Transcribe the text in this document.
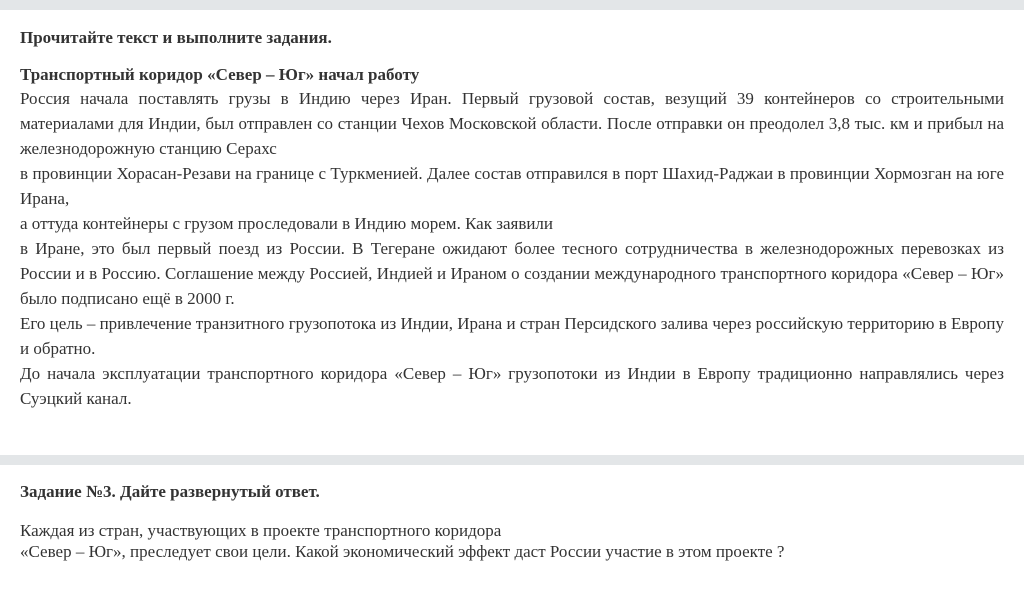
Прочитайте текст и выполните задания.

Транспортный коридор «Север – Юг» начал работу

Россия начала поставлять грузы в Индию через Иран. Первый грузовой состав, везущий 39 контейнеров со строительными материалами для Индии, был отправлен со станции Чехов Московской области. После отправки он преодолел 3,8 тыс. км и прибыл на железнодорожную станцию Серахс

в провинции Хорасан-Резави на границе с Туркменией. Далее состав отправился в порт Шахид-Раджаи в провинции Хормозган на юге Ирана,

а оттуда контейнеры с грузом проследовали в Индию морем. Как заявили

в Иране, это был первый поезд из России. В Тегеране ожидают более тесного сотрудничества в железнодорожных перевозках из России и в Россию. Соглашение между Россией, Индией и Ираном о создании международного транспортного коридора «Север – Юг» было подписано ещё в 2000 г.

Его цель – привлечение транзитного грузопотока из Индии, Ирана и стран Персидского залива через российскую территорию в Европу и обратно.

До начала эксплуатации транспортного коридора «Север – Юг» грузопотоки из Индии в Европу традиционно направлялись через Суэцкий канал.

Задание №3. Дайте развернутый ответ.

Каждая из стран, участвующих в проекте транспортного коридора

«Север – Юг», преследует свои цели. Какой экономический эффект даст России участие в этом проекте ?
